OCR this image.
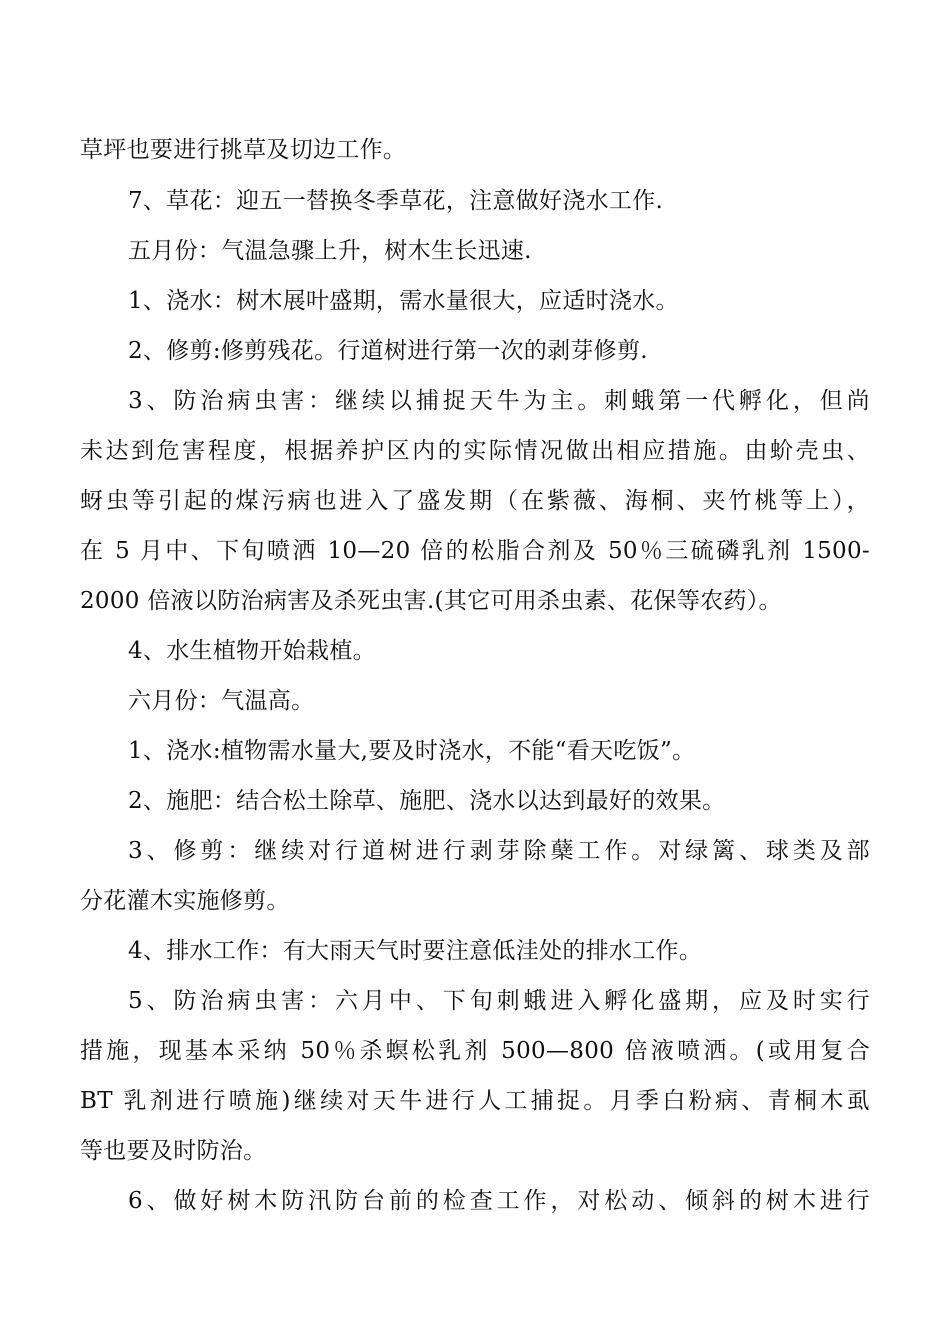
草坪也要进行挑草及切边工作。
7、草花：迎五一替换冬季草花，注意做好浇水工作.
五月份：气温急骤上升，树木生长迅速.
1、浇水：树木展叶盛期，需水量很大，应适时浇水。
2、修剪:修剪残花。行道树进行第一次的剥芽修剪.
3、防治病虫害：继续以捕捉天牛为主。刺蛾第一代孵化，但尚
未达到危害程度，根据养护区内的实际情况做出相应措施。由蚧壳虫、
蚜虫等引起的煤污病也进入了盛发期（在紫薇、海桐、夹竹桃等上），
在 5 月中、下旬喷洒 10—20 倍的松脂合剂及 50％三硫磷乳剂 1500-
2000 倍液以防治病害及杀死虫害.(其它可用杀虫素、花保等农药）。
4、水生植物开始栽植。
六月份：气温高。
1、浇水:植物需水量大,要及时浇水，不能“看天吃饭”。
2、施肥：结合松土除草、施肥、浇水以达到最好的效果。
3、修剪：继续对行道树进行剥芽除蘖工作。对绿篱、球类及部
分花灌木实施修剪。
4、排水工作：有大雨天气时要注意低洼处的排水工作。
5、防治病虫害：六月中、下旬刺蛾进入孵化盛期，应及时实行
措施，现基本采纳 50％杀螟松乳剂 500—800 倍液喷洒。(或用复合
BT 乳剂进行喷施)继续对天牛进行人工捕捉。月季白粉病、青桐木虱
等也要及时防治。
6、做好树木防汛防台前的检查工作，对松动、倾斜的树木进行
